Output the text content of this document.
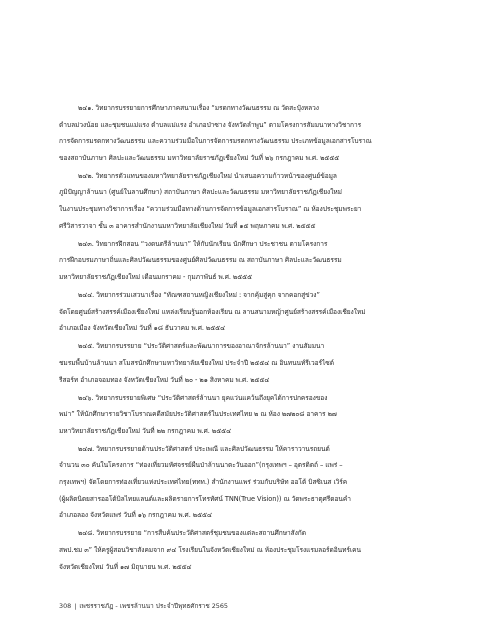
๒๔๑. วิทยากรบรรยายการศึกษาภาคสนามเรื่อง “มรดกทางวัฒนธรรม ณ วัดสะปุ๋งหลวง
ตำบลม่วงน้อย และชุมชนแม่แรง ตำบลแม่แรง อำเภอป่าซาง จังหวัดลำพูน” ตามโครงการสัมมนาทางวิชาการ
การจัดการมรดกทางวัฒนธรรม และความร่วมมือในการจัดการมรดกทางวัฒนธรรม ประเภทข้อมูลเอกสารโบราณ
ของสถาบันภาษา ศิลปะและวัฒนธรรม มหาวิทยาลัยราชภัฏเชียงใหม่ วันที่ ๒๖ กรกฎาคม พ.ศ. ๒๕๕๕
๒๔๒. วิทยากรตัวแทนของมหาวิทยาลัยราชภัฏเชียงใหม่ นำเสนอความก้าวหน้าของศูนย์ข้อมูล
ภูมิปัญญาล้านนา (ศูนย์ในลานศึกษา) สถาบันภาษา ศิลปะและวัฒนธรรม มหาวิทยาลัยราชภัฏเชียงใหม่
ในงานประชุมทางวิชาการเรื่อง “ความร่วมมือทางด้านการจัดการข้อมูลเอกสารโบราณ” ณ ห้องประชุมพระยา
ศรีวิสารวาจา ชั้น ๓ อาคารสำนักงานมหาวิทยาลัยเชียงใหม่ วันที่ ๑๕ พฤษภาคม พ.ศ. ๒๕๕๕
๒๔๓. วิทยากรฝึกสอน “วงดนตรีล้านนา” ให้กับนักเรียน นักศึกษา ประชาชน ตามโครงการ
การฝึกอบรมภาษาถิ่นและศิลปวัฒนธรรมของศูนย์ศิลปวัฒนธรรม ณ สถาบันภาษา ศิลปะและวัฒนธรรม
มหาวิทยาลัยราชภัฏเชียงใหม่ เดือนมกราคม - กุมภาพันธ์ พ.ศ. ๒๕๕๕
๒๔๔. วิทยากรร่วมเสวนาเรื่อง “ทัณฑสถานหญิงเชียงใหม่ : จากคุ้มสู่คุก จากคอกสู่ข่วง”
จัดโดยศูนย์สร้างสรรค์เมืองเชียงใหม่ แหล่งเรียนรู้นอกห้องเรียน ณ ลานสนามหญ้าศูนย์สร้างสรรค์เมืองเชียงใหม่
อำเภอเมือง จังหวัดเชียงใหม่ วันที่ ๑๘ ธันวาคม พ.ศ. ๒๕๕๔
๒๔๕. วิทยากรบรรยาย “ประวัติศาสตร์และพัฒนาการของอาณาจักรล้านนา” งานสัมมนา
ชมรมพื้นบ้านล้านนา สโมสรนักศึกษามหาวิทยาลัยเชียงใหม่ ประจำปี ๒๕๕๔ ณ อินทนนท์รีเวอร์ไซด์
รีสอร์ท อำเภอจอมทอง จังหวัดเชียงใหม่ วันที่ ๒๐ - ๒๑ สิงหาคม พ.ศ. ๒๕๕๔
๒๔๖. วิทยากรบรรยายพิเศษ “ประวัติศาสตร์ล้านนา ยุคแว่นแคว้นถึงยุคได้การปกครองของ
พม่า” ให้นักศึกษารายวิชาโบราณคดีสมัยประวัติศาสตร์ในประเทศไทย ๒ ณ ห้อง ๒๗๒๐๘ อาคาร ๒๗
มหาวิทยาลัยราชภัฏเชียงใหม่ วันที่ ๒๒ กรกฎาคม พ.ศ. ๒๕๕๔
๒๔๗. วิทยากรบรรยายด้านประวัติศาสตร์ ประเพณี และศิลปวัฒนธรรม ให้คาราวานรถยนต์
จำนวน ๓๐ คันในโครงการ “ท่องเที่ยวมหัศจรรย์ผืนป่าล้านนาตะวันออก”(กรุงเทพฯ – อุตรดิตถ์ – แพร่ –
กรุงเทพฯ) จัดโดยการท่องเที่ยวแห่งประเทศไทย(ททท.) สำนักงานแพร่ ร่วมกับบริษัท ออโต้ บิสซิเนส เวิร์ค
(ผู้ผลิตนิตยสารออโต้บิลไทยแลนด์และผลิตรายการโทรทัศน์ TNN(True Vision)) ณ วัดพระธาตุศรีดอนคำ
อำเภอลอง จังหวัดแพร่ วันที่ ๑๖ กรกฎาคม พ.ศ. ๒๕๕๔
๒๔๘. วิทยากรบรรยาย “การสืบค้นประวัติศาสตร์ชุมชนของแต่ละสถานศึกษาสังกัด
สพป.ชม ๓” ให้ครูผู้สอนวิชาสังคมจาก ๙๔ โรงเรียนในจังหวัดเชียงใหม่ ณ ห้องประชุมโรงแรมลอร์ดอินทร์เคน
จังหวัดเชียงใหม่ วันที่ ๑๗ มิถุนายน พ.ศ. ๒๕๕๔
308 | เพชรราชภัฏ - เพชรล้านนา ประจำปีพุทธศักราช 2565
